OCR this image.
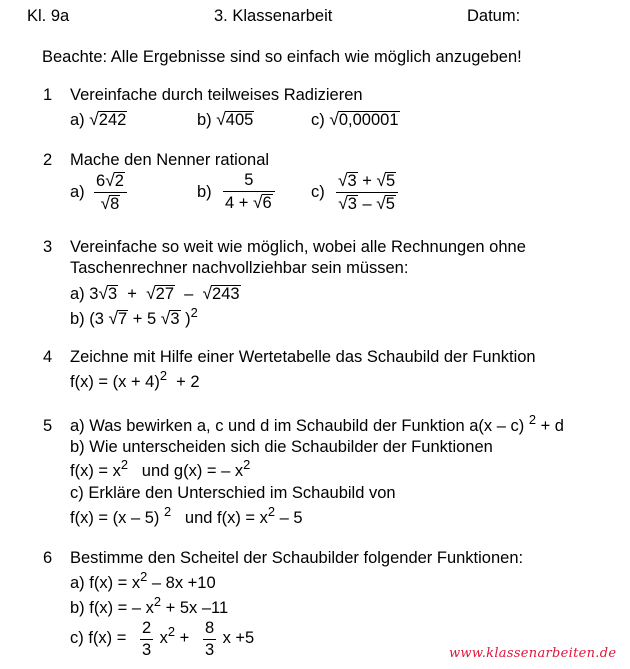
Kl. 9a	3. Klassenarbeit	Datum:
Beachte: Alle Ergebnisse sind so einfach wie möglich anzugeben!
1 Vereinfache durch teilweises Radizieren
a) √242	b) √405	c) √0,00001
2 Mache den Nenner rational
$a) \frac{6√2}{√8}$	$b) \frac{5}{4 + √6} c) \frac{√3 + √5}{√3 - √5}$
3 Vereinfache so weit wie möglich, wobei alle Rechnungen ohne
Taschenrechner nachvollziehbar sein müssen:
a) 3√3  +  √27  –  √243
b) (3 √7 + 5 √3 )$^2$
4 Zeichne mit Hilfe einer Wertetabelle das Schaubild der Funktion
$f(x) = (x + 4)^2 + 2$
5 a) Was bewirken a, c und d im Schaubild der Funktion a(x – c) $^2$ + d
b) Wie unterscheiden sich die Schaubilder der Funktionen
$f(x) = x^2$   und g(x) = – $x^2$
c) Erkläre den Unterschied im Schaubild von
f(x) = (x – 5) $^2$   und $f(x) = x^2 - 5$
6 Bestimme den Scheitel der Schaubilder folgender Funktionen:
a) $f(x) = x^2 - 8x +10$
b) f(x) = – $x^2 + 5x$ –11
c) $f(x) = \frac{2}{3} x^2 + \frac{8}{3}$ x +5
www.klassenarbeiten.de
